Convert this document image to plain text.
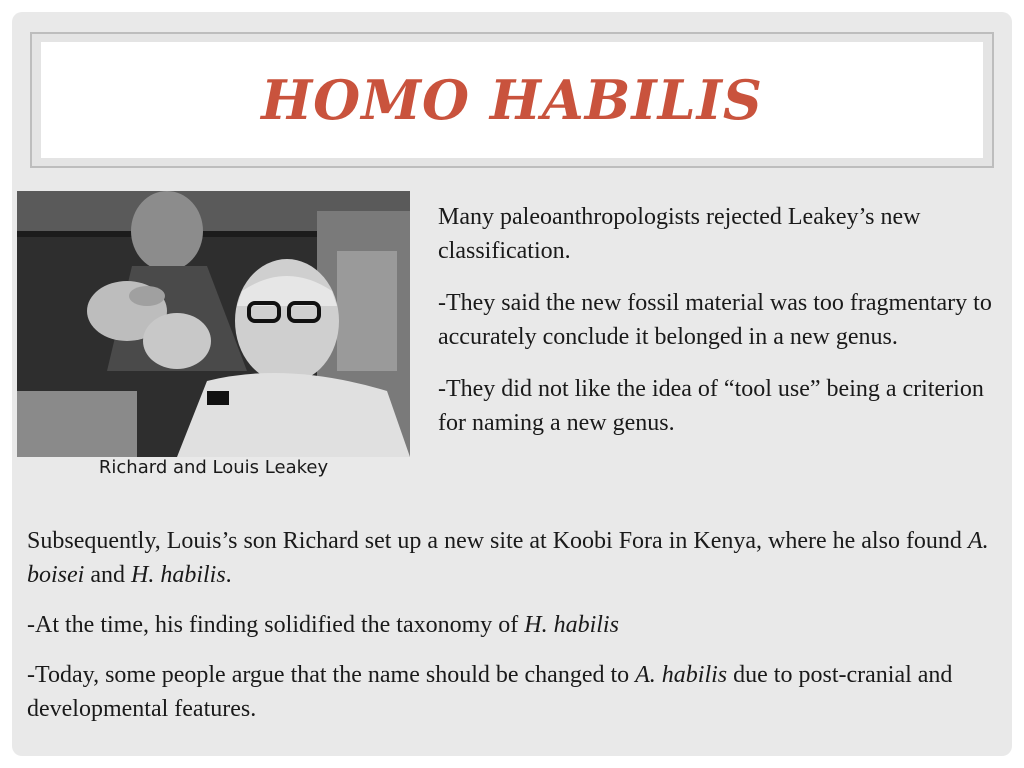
HOMO HABILIS
Richard and Louis Leakey

Many paleoanthropologists rejected Leakey’s new classification.

-They said the new fossil material was too fragmentary to accurately conclude it belonged in a new genus.

-They did not like the idea of “tool use” being a criterion for naming a new genus.

Subsequently, Louis’s son Richard set up a new site at Koobi Fora in Kenya, where he also found A. boisei and H. habilis.

-At the time, his finding solidified the taxonomy of H. habilis

-Today, some people argue that the name should be changed to A. habilis due to post-cranial and developmental features.
